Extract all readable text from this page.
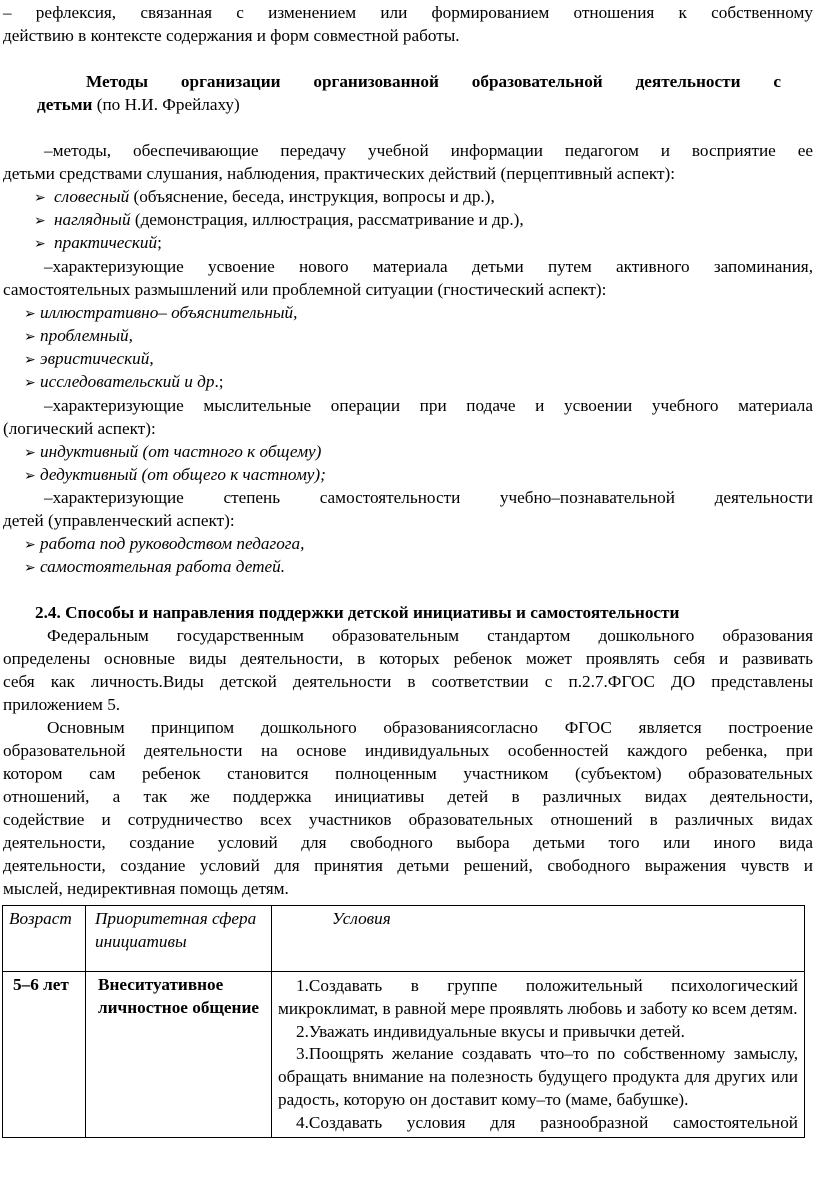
– рефлексия, связанная с изменением или формированием отношения к собственному
действию в контексте содержания и форм совместной работы.
Методы организации организованной образовательной деятельности с
детьми (по Н.И. Фрейлаху)
–методы, обеспечивающие передачу учебной информации педагогом и восприятие ее
детьми средствами слушания, наблюдения, практических действий (перцептивный аспект):
➢ словесный (объяснение, беседа, инструкция, вопросы и др.),
➢ наглядный (демонстрация, иллюстрация, рассматривание и др.),
➢ практический;
–характеризующие усвоение нового материала детьми путем активного запоминания,
самостоятельных размышлений или проблемной ситуации (гностический аспект):
➢ иллюстративно– объяснительный,
➢ проблемный,
➢ эвристический,
➢ исследовательский и др.;
–характеризующие мыслительные операции при подаче и усвоении учебного материала
(логический аспект):
➢ индуктивный (от частного к общему)
➢ дедуктивный (от общего к частному);
–характеризующие степень самостоятельности учебно–познавательной деятельности
детей (управленческий аспект):
➢ работа под руководством педагога,
➢ самостоятельная работа детей.
2.4. Способы и направления поддержки детской инициативы и самостоятельности
Федеральным государственным образовательным стандартом дошкольного образования
определены основные виды деятельности, в которых ребенок может проявлять себя и развивать
себя как личность.Виды детской деятельности в соответствии с п.2.7.ФГОС ДО представлены
приложением 5.
Основным принципом дошкольного образованиясогласно ФГОС является построение
образовательной деятельности на основе индивидуальных особенностей каждого ребенка, при
котором сам ребенок становится полноценным участником (субъектом) образовательных
отношений, а так же поддержка инициативы детей в различных видах деятельности,
содействие и сотрудничество всех участников образовательных отношений в различных видах
деятельности, создание условий для свободного выбора детьми того или иного вида
деятельности, создание условий для принятия детьми решений, свободного выражения чувств и
мыслей, недирективная помощь детям.
Возраст	Приоритетная сфера инициативы	Условия
5–6 лет	Внеситуативное личностное общение	1.Создавать в группе положительный психологический микроклимат, в равной мере проявлять любовь и заботу ко всем детям.

2.Уважать индивидуальные вкусы и привычки детей.

3.Поощрять желание создавать что–то по собственному замыслу, обращать внимание на полезность будущего продукта для других или радость, которую он доставит кому–то (маме, бабушке).

4.Создавать условия для разнообразной самостоятельной
